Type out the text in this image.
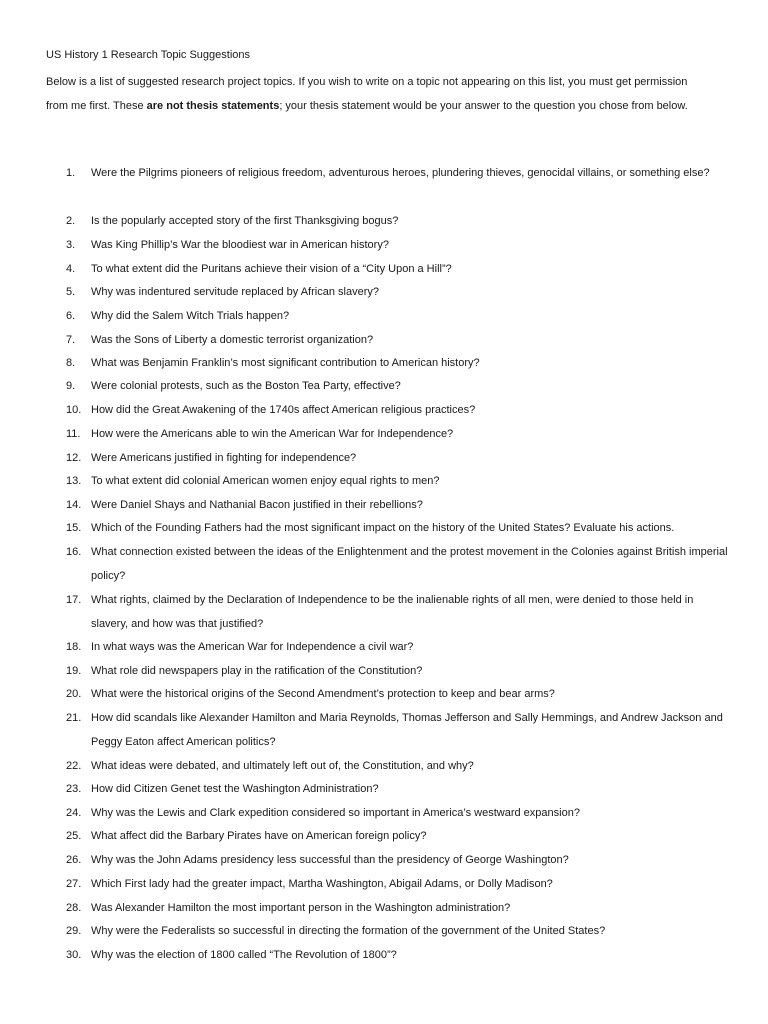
US History 1 Research Topic Suggestions

Below is a list of suggested research project topics. If you wish to write on a topic not appearing on this list, you must get permission

from me first. These are not thesis statements; your thesis statement would be your answer to the question you chose from below.

1.	Were the Pilgrims pioneers of religious freedom, adventurous heroes, plundering thieves, genocidal villains, or something else?
2.	Is the popularly accepted story of the first Thanksgiving bogus?
3.	Was King Phillip’s War the bloodiest war in American history?
4.	To what extent did the Puritans achieve their vision of a “City Upon a Hill”?
5.	Why was indentured servitude replaced by African slavery?
6.	Why did the Salem Witch Trials happen?
7.	Was the Sons of Liberty a domestic terrorist organization?
8.	What was Benjamin Franklin’s most significant contribution to American history?
9.	Were colonial protests, such as the Boston Tea Party, effective?
10. How did the Great Awakening of the 1740s affect American religious practices?
11. How were the Americans able to win the American War for Independence?
12. Were Americans justified in fighting for independence?
13. To what extent did colonial American women enjoy equal rights to men?
14. Were Daniel Shays and Nathanial Bacon justified in their rebellions?
15. Which of the Founding Fathers had the most significant impact on the history of the United States? Evaluate his actions.
16. What connection existed between the ideas of the Enlightenment and the protest movement in the Colonies against British imperial policy?
17. What rights, claimed by the Declaration of Independence to be the inalienable rights of all men, were denied to those held in slavery, and how was that justified?
18. In what ways was the American War for Independence a civil war?
19. What role did newspapers play in the ratification of the Constitution?
20. What were the historical origins of the Second Amendment’s protection to keep and bear arms?
21. How did scandals like Alexander Hamilton and Maria Reynolds, Thomas Jefferson and Sally Hemmings, and Andrew Jackson and Peggy Eaton affect American politics?
22. What ideas were debated, and ultimately left out of, the Constitution, and why?
23. How did Citizen Genet test the Washington Administration?
24. Why was the Lewis and Clark expedition considered so important in America’s westward expansion?
25. What affect did the Barbary Pirates have on American foreign policy?
26. Why was the John Adams presidency less successful than the presidency of George Washington?
27. Which First lady had the greater impact, Martha Washington, Abigail Adams, or Dolly Madison?
28. Was Alexander Hamilton the most important person in the Washington administration?
29. Why were the Federalists so successful in directing the formation of the government of the United States?
30. Why was the election of 1800 called “The Revolution of 1800”?
